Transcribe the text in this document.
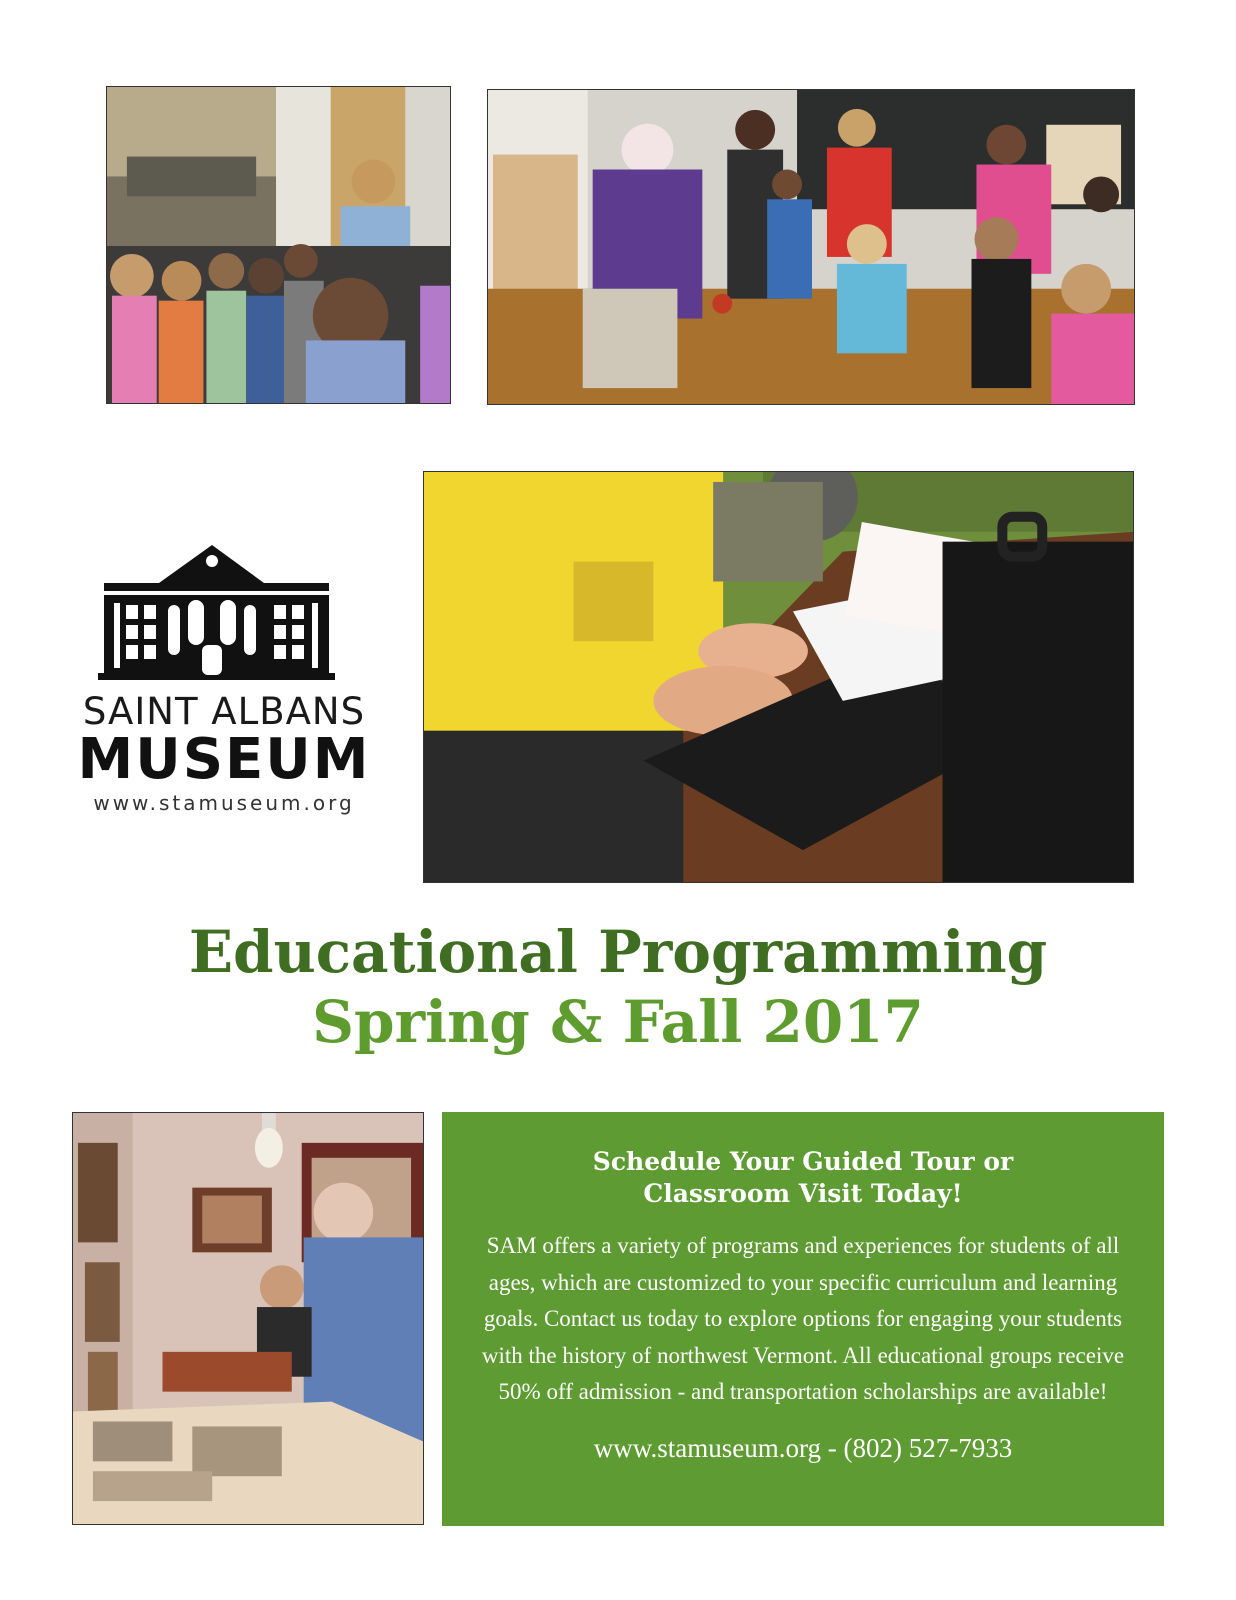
SAINT ALBANS
MUSEUM
www.stamuseum.org
Educational Programming
Spring & Fall 2017
Schedule Your Guided Tour or
Classroom Visit Today!
SAM offers a variety of programs and experiences for students of all ages, which are customized to your specific curriculum and learning goals. Contact us today to explore options for engaging your students with the history of northwest Vermont. All educational groups receive 50% off admission - and transportation scholarships are available!
www.stamuseum.org - (802) 527-7933
